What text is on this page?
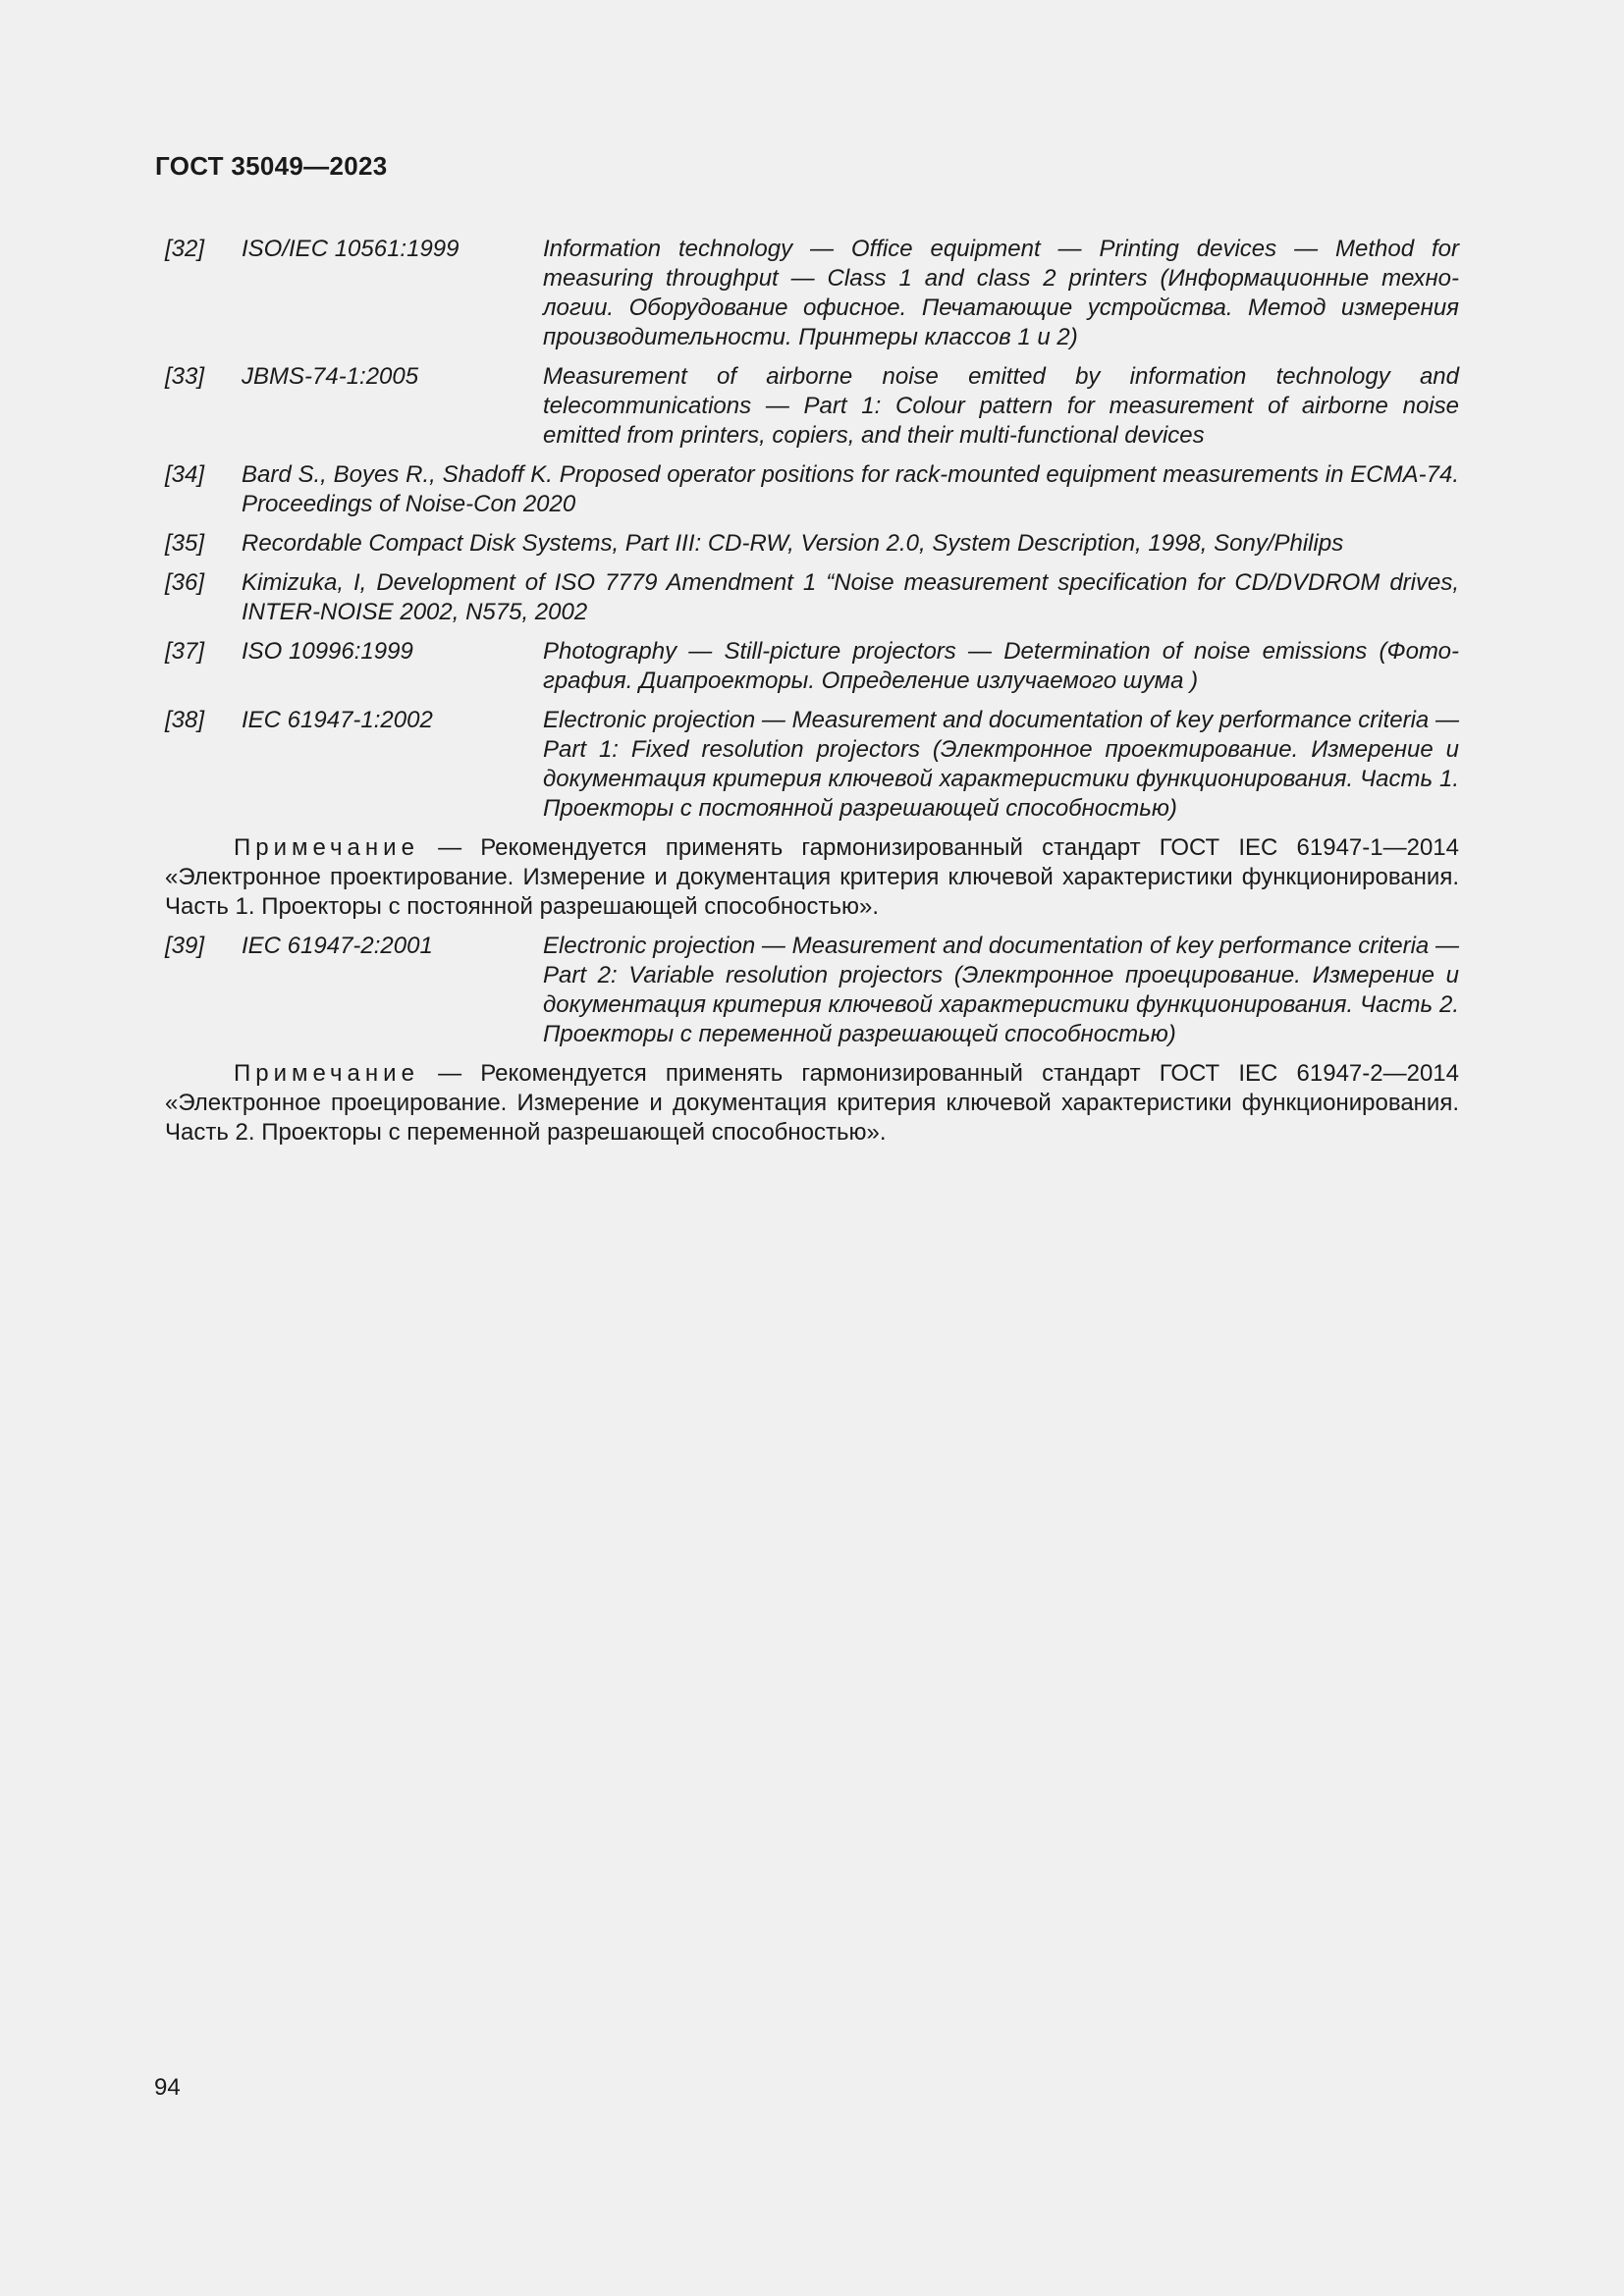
ГОСТ 35049—2023
[32]	ISO/IEC 10561:1999	Information technology — Office equipment — Printing devices — Method for measuring throughput — Class 1 and class 2 printers (Информационные технологии. Оборудование офисное. Печатающие устройства. Метод измерения производительности. Принтеры классов 1 и 2)
[33]	JBMS-74-1:2005	Measurement of airborne noise emitted by information technology and telecommunications — Part 1: Colour pattern for measurement of airborne noise emitted from printers, copiers, and their multi-functional devices
[34]	Bard S., Boyes R., Shadoff K. Proposed operator positions for rack-mounted equipment measurements in ECMA-74. Proceedings of Noise-Con 2020
[35]	Recordable Compact Disk Systems, Part III: CD-RW, Version 2.0, System Description, 1998, Sony/Philips
[36]	Kimizuka, I, Development of ISO 7779 Amendment 1 “Noise measurement specification for CD/DVDROM drives, INTER-NOISE 2002, N575, 2002
[37]	ISO 10996:1999	Photography — Still-picture projectors — Determination of noise emissions (Фотография. Диапроекторы. Определение излучаемого шума )
[38]	IEC 61947-1:2002	Electronic projection — Measurement and documentation of key performance criteria — Part 1: Fixed resolution projectors (Электронное проектирование. Измерение и документация критерия ключевой характеристики функционирования. Часть 1. Проекторы с постоянной разрешающей способностью)
Примечание — Рекомендуется применять гармонизированный стандарт ГОСТ IEC 61947-1—2014 «Электронное проектирование. Измерение и документация критерия ключевой характеристики функционирования. Часть 1. Проекторы с постоянной разрешающей способностью».
[39]	IEC 61947-2:2001	Electronic projection — Measurement and documentation of key performance criteria — Part 2: Variable resolution projectors (Электронное проецирование. Измерение и документация критерия ключевой характеристики функционирования. Часть 2. Проекторы с переменной разрешающей способностью)
Примечание — Рекомендуется применять гармонизированный стандарт ГОСТ IEC 61947-2—2014 «Электронное проецирование. Измерение и документация критерия ключевой характеристики функционирования. Часть 2. Проекторы с переменной разрешающей способностью».
94
